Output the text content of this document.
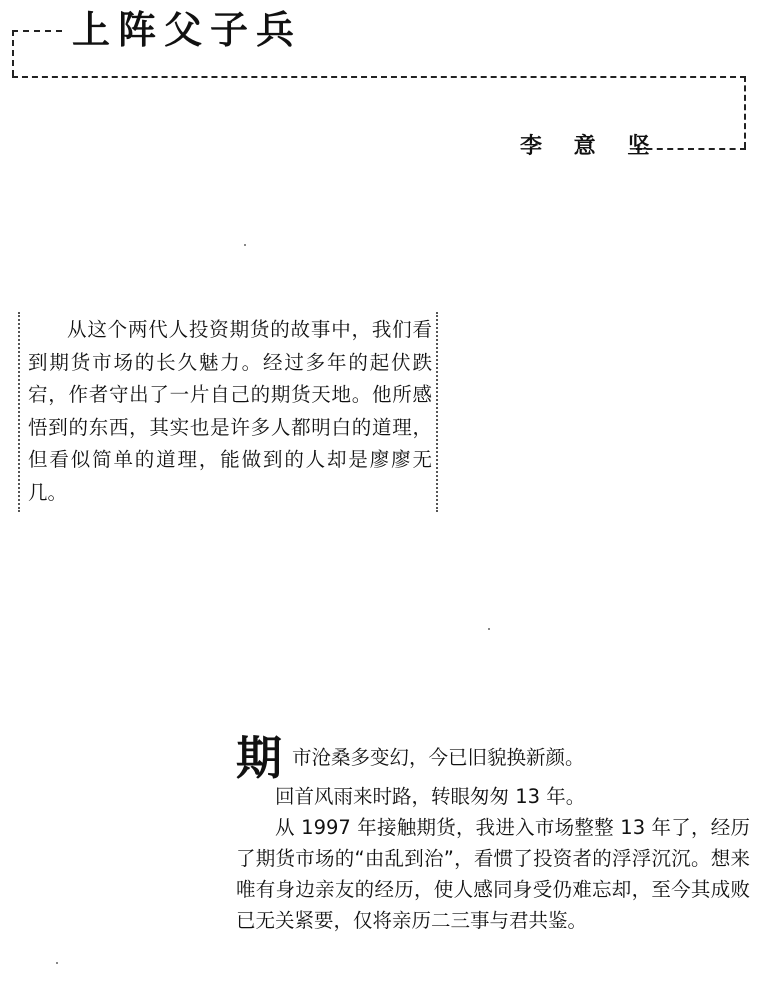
上阵父子兵
李 意 坚

从这个两代人投资期货的故事中，我们看到期货市场的长久魅力。经过多年的起伏跌宕，作者守出了一片自己的期货天地。他所感悟到的东西，其实也是许多人都明白的道理，但看似简单的道理，能做到的人却是廖廖无几。

期 市沧桑多变幻，今已旧貌换新颜。

回首风雨来时路，转眼匆匆 13 年。

从 1997 年接触期货，我进入市场整整 13 年了，经历了期货市场的“由乱到治”，看惯了投资者的浮浮沉沉。想来唯有身边亲友的经历，使人感同身受仍难忘却，至今其成败已无关紧要，仅将亲历二三事与君共鉴。
